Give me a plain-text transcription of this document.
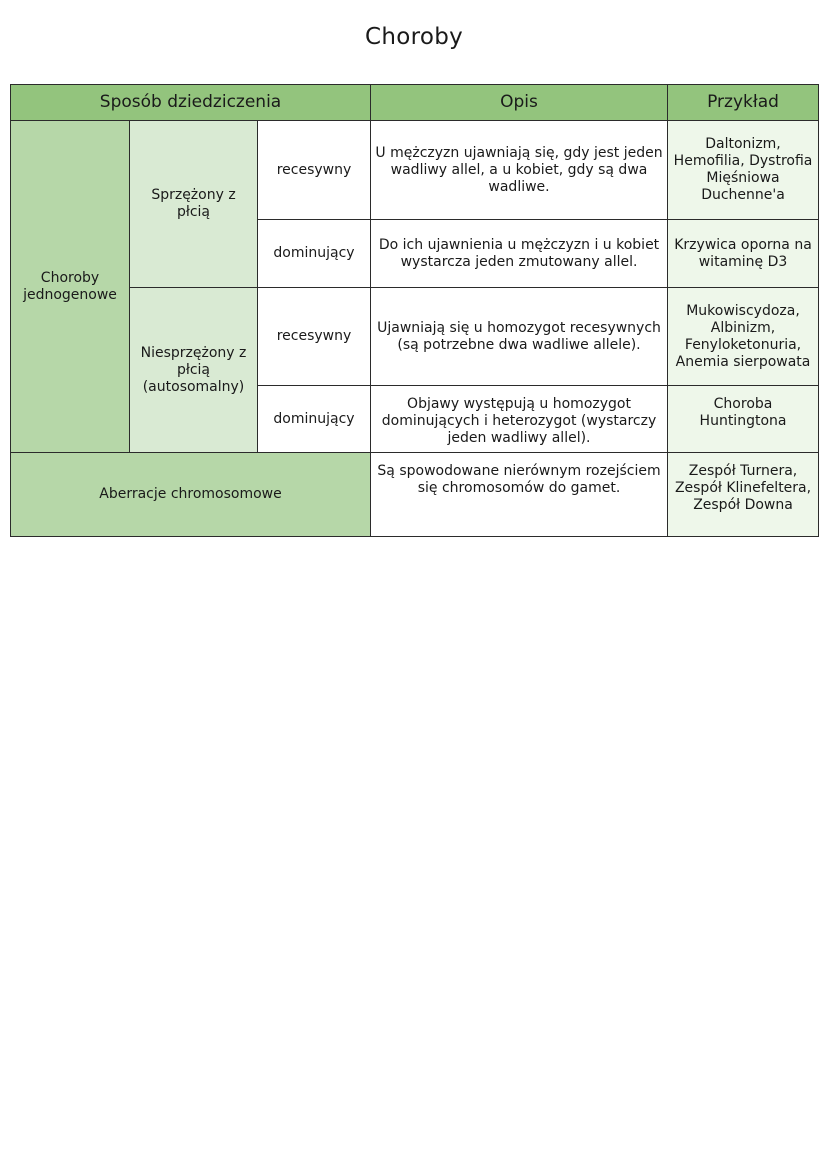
Choroby
Sposób dziedziczenia			Opis	Przykład
Choroby jednogenowe	Sprzężony z płcią	recesywny	U mężczyzn ujawniają się, gdy jest jeden wadliwy allel, a u kobiet, gdy są dwa wadliwe.	Daltonizm, Hemofilia, Dystrofia Mięśniowa Duchenne'a
		dominujący	Do ich ujawnienia u mężczyzn i u kobiet wystarcza jeden zmutowany allel.	Krzywica oporna na witaminę D3
	Niesprzężony z płcią (autosomalny)	recesywny	Ujawniają się u homozygot recesywnych (są potrzebne dwa wadliwe allele).	Mukowiscydoza, Albinizm, Fenyloketonuria, Anemia sierpowata
		dominujący	Objawy występują u homozygot dominujących i heterozygot (wystarczy jeden wadliwy allel).	Choroba Huntingtona
Aberracje chromosomowe			Są spowodowane nierównym rozejściem się chromosomów do gamet.	Zespół Turnera, Zespół Klinefeltera, Zespół Downa
